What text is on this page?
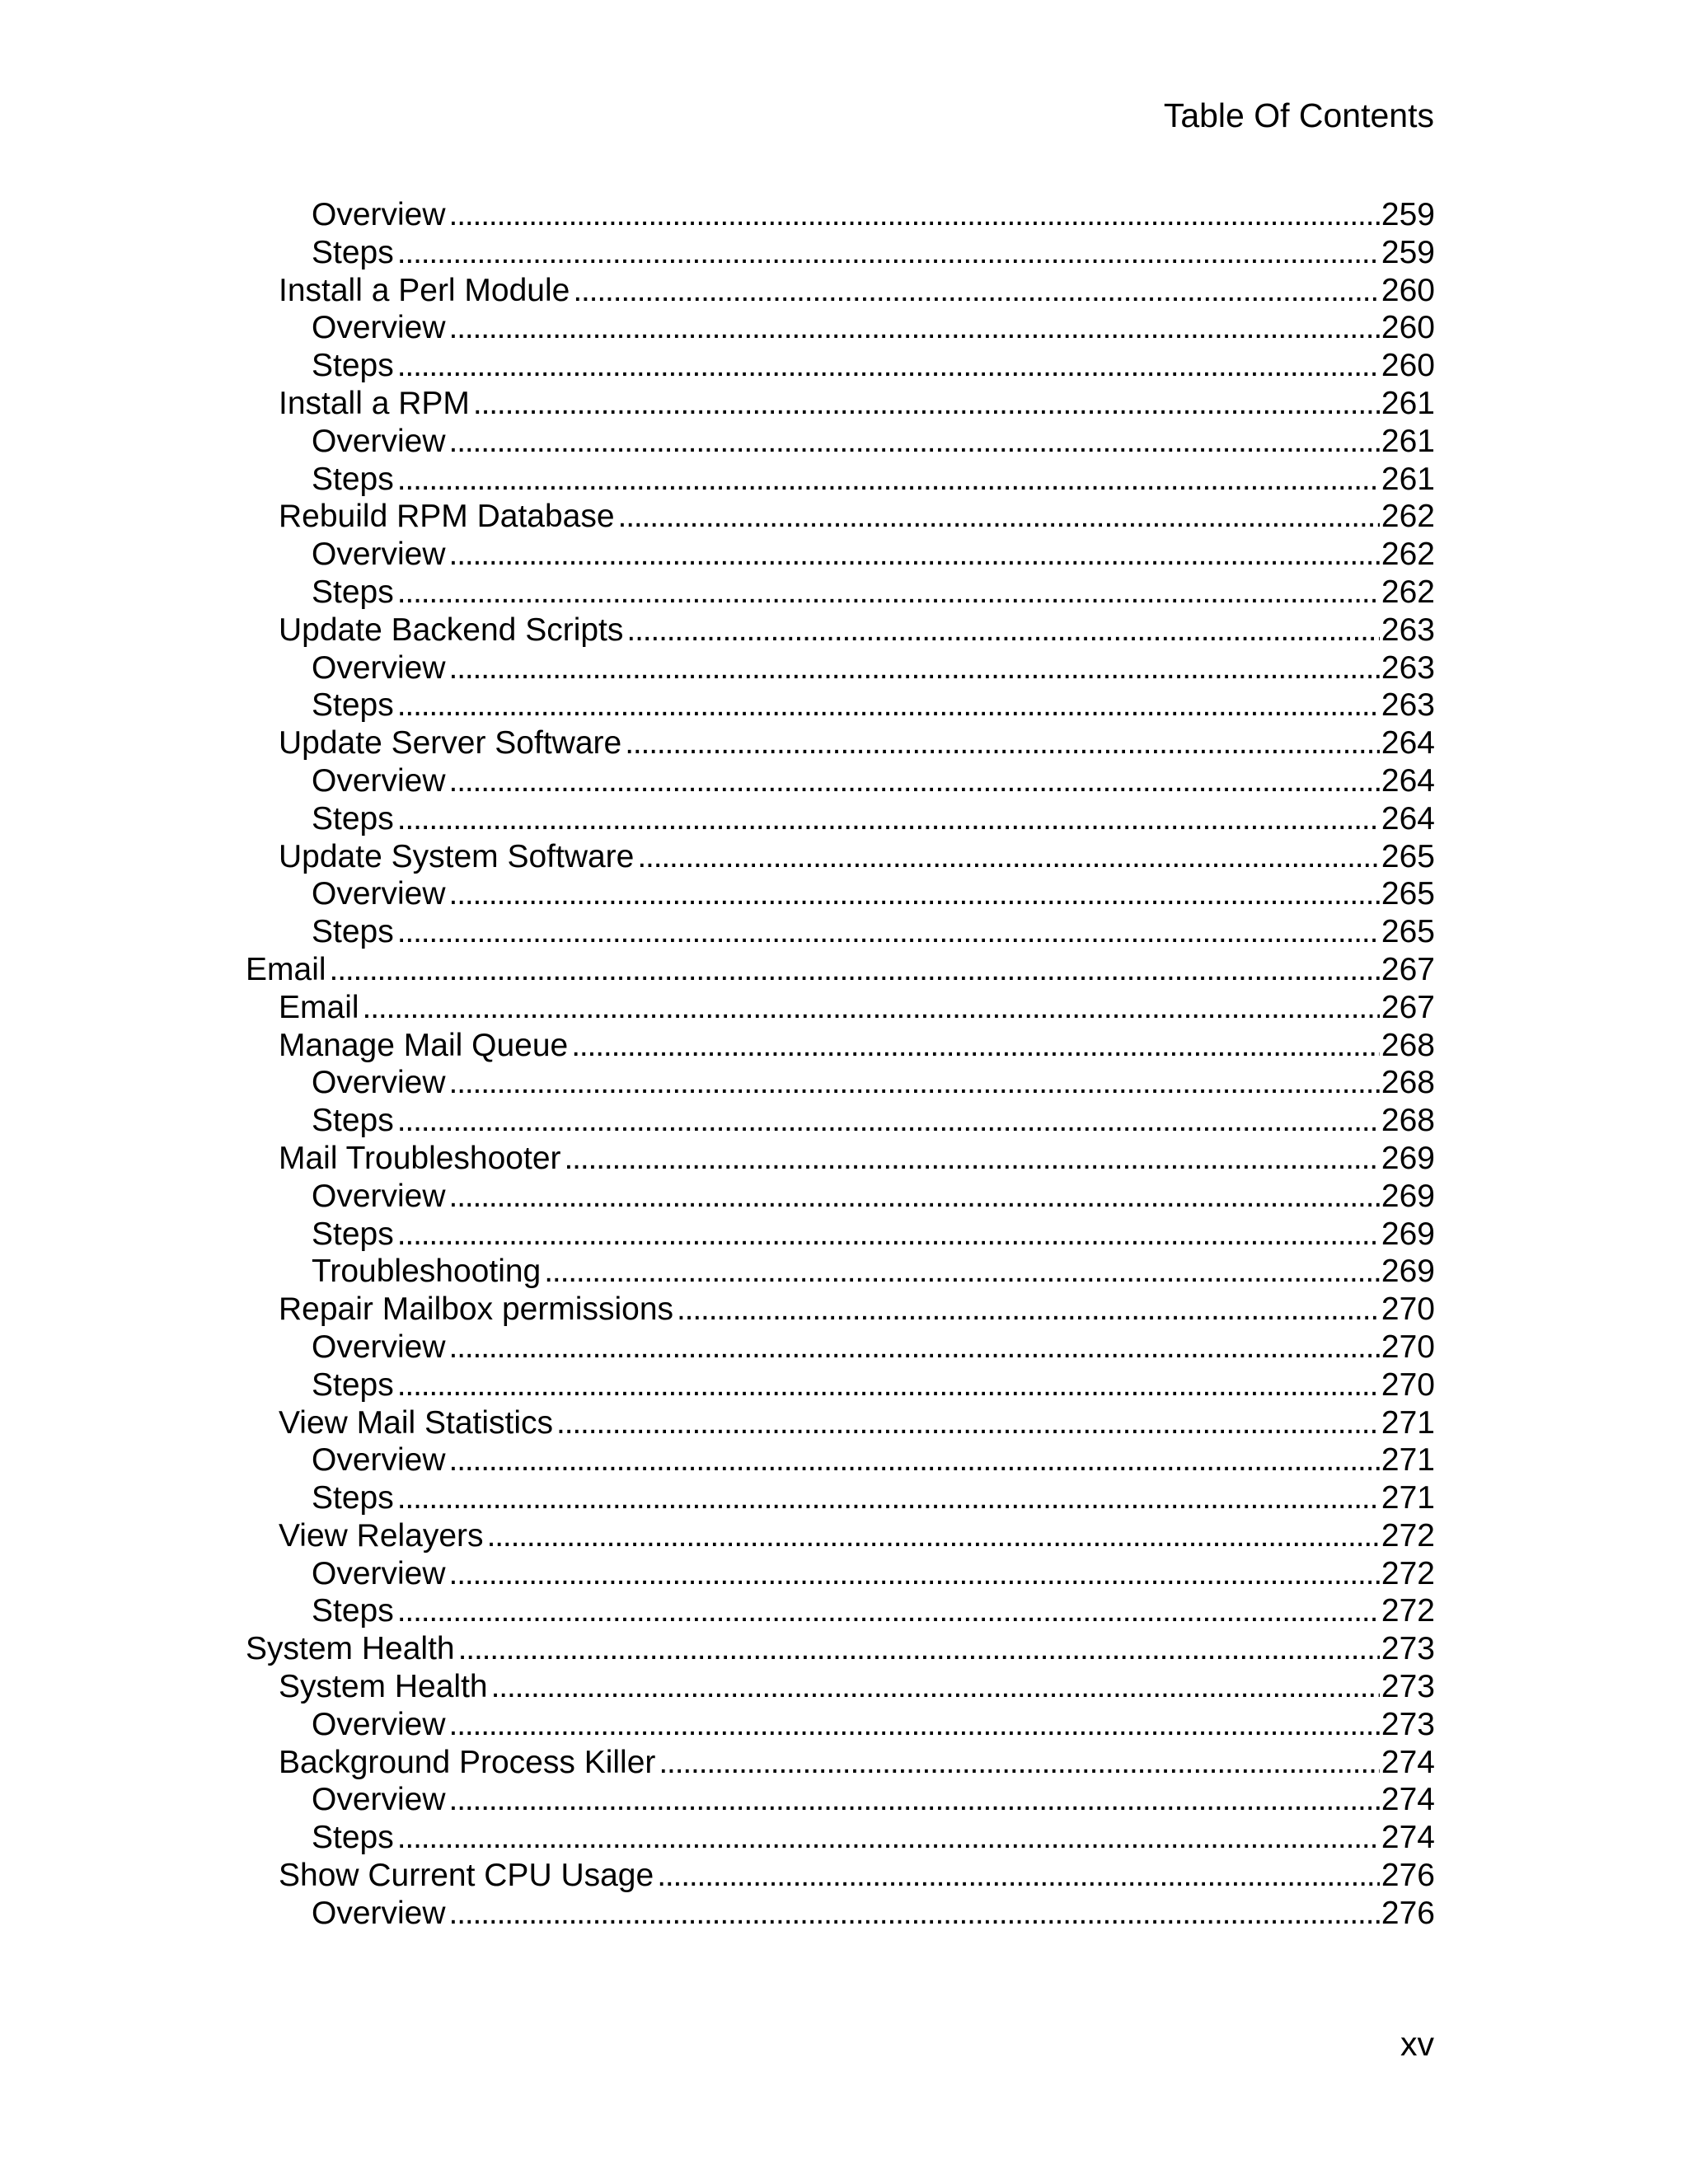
Table Of Contents
Overview . . .	259
Steps . . .	259
Install a Perl Module . . .	260
Overview . . .	260
Steps . . .	260
Install a RPM . . .	261
Overview . . .	261
Steps . . .	261
Rebuild RPM Database . . .	262
Overview . . .	262
Steps . . .	262
Update Backend Scripts . . .	263
Overview . . .	263
Steps . . .	263
Update Server Software . . .	264
Overview . . .	264
Steps . . .	264
Update System Software . . .	265
Overview . . .	265
Steps . . .	265
Email . . .	267
Email . . .	267
Manage Mail Queue . . .	268
Overview . . .	268
Steps . . .	268
Mail Troubleshooter . . .	269
Overview . . .	269
Steps . . .	269
Troubleshooting . . .	269
Repair Mailbox permissions . . .	270
Overview . . .	270
Steps . . .	270
View Mail Statistics . . .	271
Overview . . .	271
Steps . . .	271
View Relayers . . .	272
Overview . . .	272
Steps . . .	272
System Health . . .	273
System Health . . .	273
Overview . . .	273
Background Process Killer . . .	274
Overview . . .	274
Steps . . .	274
Show Current CPU Usage . . .	276
Overview . . .	276
xv
